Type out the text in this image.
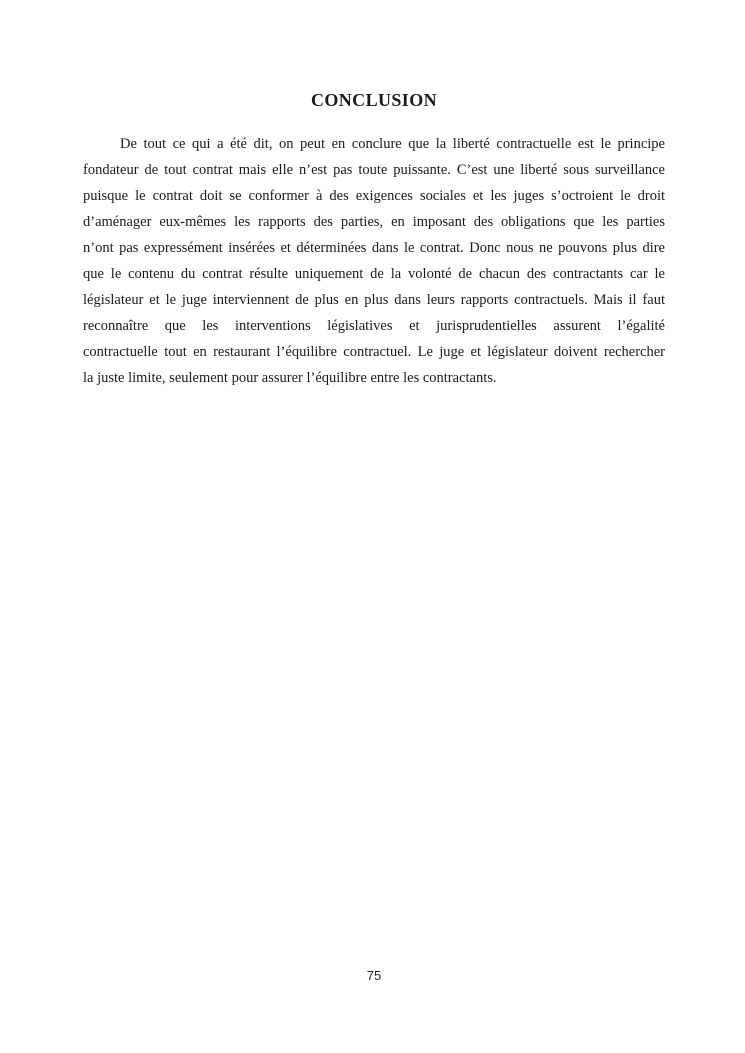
CONCLUSION
De tout ce qui a été dit, on peut en conclure que la liberté contractuelle est le principe
fondateur de tout contrat mais elle n’est pas toute puissante. C’est une liberté sous surveillance
puisque le contrat doit se conformer à des exigences sociales et les juges s’octroient le droit
d’aménager eux-mêmes les rapports des parties, en imposant des obligations que les parties
n’ont pas expressément insérées et déterminées dans le contrat. Donc nous ne pouvons plus dire
que le contenu du contrat résulte uniquement de la volonté de chacun des contractants car le
législateur et le juge interviennent de plus en plus dans leurs rapports contractuels. Mais il faut
reconnaître que les interventions législatives et jurisprudentielles assurent l’égalité
contractuelle tout en restaurant l’équilibre contractuel. Le juge et législateur doivent rechercher
la juste limite, seulement pour assurer l’équilibre entre les contractants.
75
